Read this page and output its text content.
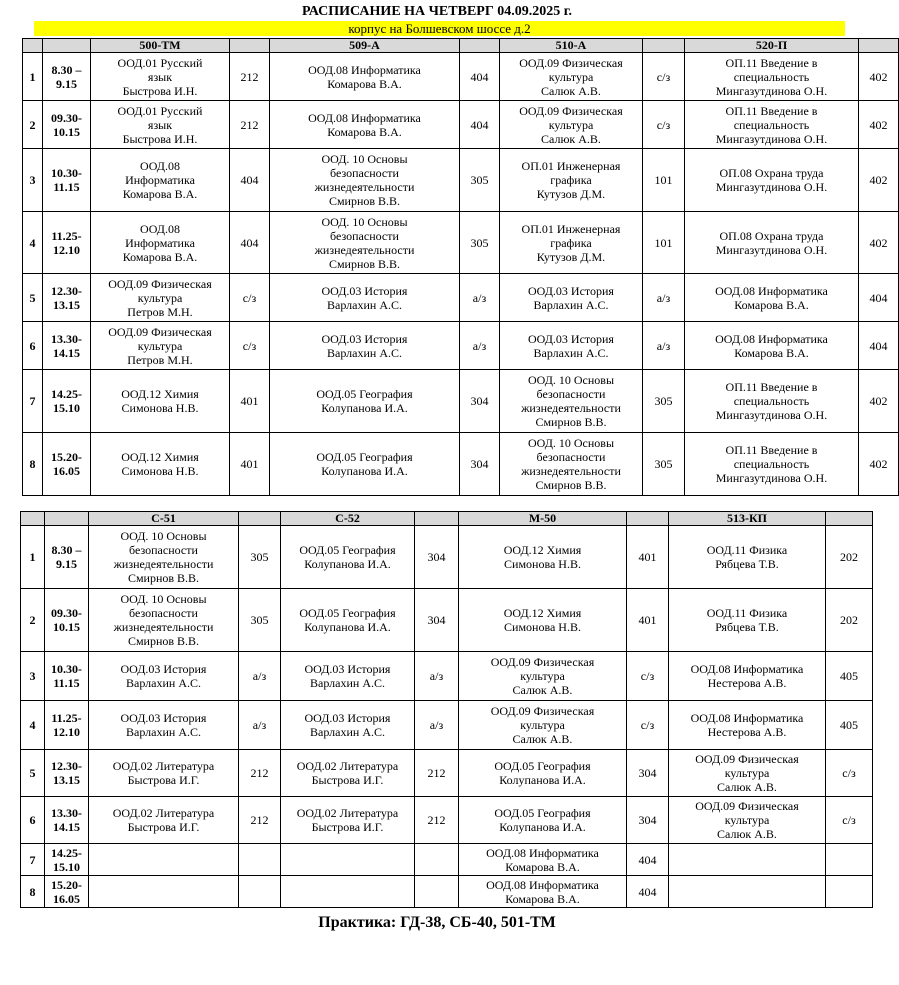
РАСПИСАНИЕ НА ЧЕТВЕРГ 04.09.2025 г.
корпус на Болшевском шоссе д.2
		500-ТМ		509-А		510-А		520-П	
1	8.30 –
9.15	ООД.01 Русский
язык
Быстрова И.Н.	212	ООД.08 Информатика
Комарова В.А.	404	ООД.09 Физическая
культура
Салюк А.В.	с/з	ОП.11 Введение в
специальность
Мингазутдинова О.Н.	402
2	09.30-
10.15	ООД.01 Русский
язык
Быстрова И.Н.	212	ООД.08 Информатика
Комарова В.А.	404	ООД.09 Физическая
культура
Салюк А.В.	с/з	ОП.11 Введение в
специальность
Мингазутдинова О.Н.	402
3	10.30-
11.15	ООД.08
Информатика
Комарова В.А.	404	ООД. 10 Основы
безопасности
жизнедеятельности
Смирнов В.В.	305	ОП.01 Инженерная
графика
Кутузов Д.М.	101	ОП.08 Охрана труда
Мингазутдинова О.Н.	402
4	11.25-
12.10	ООД.08
Информатика
Комарова В.А.	404	ООД. 10 Основы
безопасности
жизнедеятельности
Смирнов В.В.	305	ОП.01 Инженерная
графика
Кутузов Д.М.	101	ОП.08 Охрана труда
Мингазутдинова О.Н.	402
5	12.30-
13.15	ООД.09 Физическая
культура
Петров М.Н.	с/з	ООД.03 История
Варлахин А.С.	а/з	ООД.03 История
Варлахин А.С.	а/з	ООД.08 Информатика
Комарова В.А.	404
6	13.30-
14.15	ООД.09 Физическая
культура
Петров М.Н.	с/з	ООД.03 История
Варлахин А.С.	а/з	ООД.03 История
Варлахин А.С.	а/з	ООД.08 Информатика
Комарова В.А.	404
7	14.25-
15.10	ООД.12 Химия
Симонова Н.В.	401	ООД.05 География
Колупанова И.А.	304	ООД. 10 Основы
безопасности
жизнедеятельности
Смирнов В.В.	305	ОП.11 Введение в
специальность
Мингазутдинова О.Н.	402
8	15.20-
16.05	ООД.12 Химия
Симонова Н.В.	401	ООД.05 География
Колупанова И.А.	304	ООД. 10 Основы
безопасности
жизнедеятельности
Смирнов В.В.	305	ОП.11 Введение в
специальность
Мингазутдинова О.Н.	402
		С-51		С-52		М-50		513-КП	
1	8.30 –
9.15	ООД. 10 Основы
безопасности
жизнедеятельности
Смирнов В.В.	305	ООД.05 География
Колупанова И.А.	304	ООД.12 Химия
Симонова Н.В.	401	ООД.11 Физика
Рябцева Т.В.	202
2	09.30-
10.15	ООД. 10 Основы
безопасности
жизнедеятельности
Смирнов В.В.	305	ООД.05 География
Колупанова И.А.	304	ООД.12 Химия
Симонова Н.В.	401	ООД.11 Физика
Рябцева Т.В.	202
3	10.30-
11.15	ООД.03 История
Варлахин А.С.	а/з	ООД.03 История
Варлахин А.С.	а/з	ООД.09 Физическая
культура
Салюк А.В.	с/з	ООД.08 Информатика
Нестерова А.В.	405
4	11.25-
12.10	ООД.03 История
Варлахин А.С.	а/з	ООД.03 История
Варлахин А.С.	а/з	ООД.09 Физическая
культура
Салюк А.В.	с/з	ООД.08 Информатика
Нестерова А.В.	405
5	12.30-
13.15	ООД.02 Литература
Быстрова И.Г.	212	ООД.02 Литература
Быстрова И.Г.	212	ООД.05 География
Колупанова И.А.	304	ООД.09 Физическая
культура
Салюк А.В.	с/з
6	13.30-
14.15	ООД.02 Литература
Быстрова И.Г.	212	ООД.02 Литература
Быстрова И.Г.	212	ООД.05 География
Колупанова И.А.	304	ООД.09 Физическая
культура
Салюк А.В.	с/з
7	14.25-
15.10					ООД.08 Информатика
Комарова В.А.	404		
8	15.20-
16.05					ООД.08 Информатика
Комарова В.А.	404		
Практика: ГД-38, СБ-40, 501-ТМ
